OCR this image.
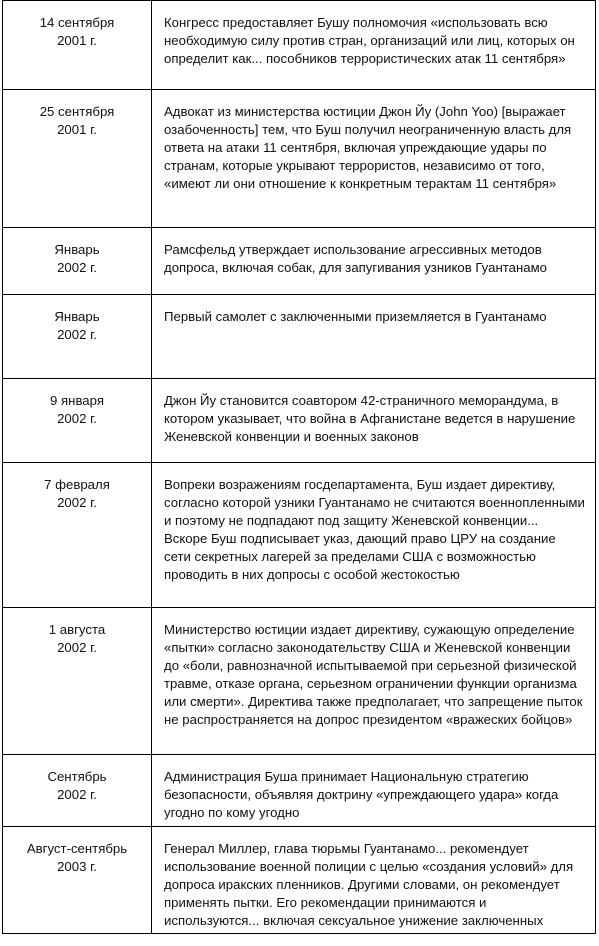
14 сентября
2001 г.	Конгресс предоставляет Бушу полномочия «использовать всю необходимую силу против стран, организаций или лиц, которых он определит как... пособников террористических атак 11 сентября»

25 сентября
2001 г.	Адвокат из министерства юстиции Джон Йу (John Yoo) [выражает озабоченность] тем, что Буш получил неограниченную власть для ответа на атаки 11 сентября, включая упреждающие удары по странам, которые укрывают террористов, независимо от того, «имеют ли они отношение к конкретным терактам 11 сентября»

Январь
2002 г.	Рамсфельд утверждает использование агрессивных методов допроса, включая собак, для запугивания узников Гуантанамо

Январь
2002 г.	Первый самолет с заключенными приземляется в Гуантанамо

9 января
2002 г.	Джон Йу становится соавтором 42-страничного меморандума, в котором указывает, что война в Афганистане ведется в нарушение Женевской конвенции и военных законов

7 февраля
2002 г.	Вопреки возражениям госдепартамента, Буш издает директиву, согласно которой узники Гуантанамо не считаются военнопленными и поэтому не подпадают под защиту Женевской конвенции... Вскоре Буш подписывает указ, дающий право ЦРУ на создание сети секретных лагерей за пределами США с возможностью проводить в них допросы с особой жестокостью

1 августа
2002 г.	Министерство юстиции издает директиву, сужающую определение «пытки» согласно законодательству США и Женевской конвенции до «боли, равнозначной испытываемой при серьезной физической травме, отказе органа, серьезном ограничении функции организма или смерти». Директива также предполагает, что запрещение пыток не распространяется на допрос президентом «вражеских бойцов»

Сентябрь
2002 г.	Администрация Буша принимает Национальную стратегию безопасности, объявляя доктрину «упреждающего удара» когда угодно по кому угодно

Август-сентябрь
2003 г.	Генерал Миллер, глава тюрьмы Гуантанамо... рекомендует использование военной полиции с целью «создания условий» для допроса иракских пленников. Другими словами, он рекомендует применять пытки. Его рекомендации принимаются и используются... включая сексуальное унижение заключенных
